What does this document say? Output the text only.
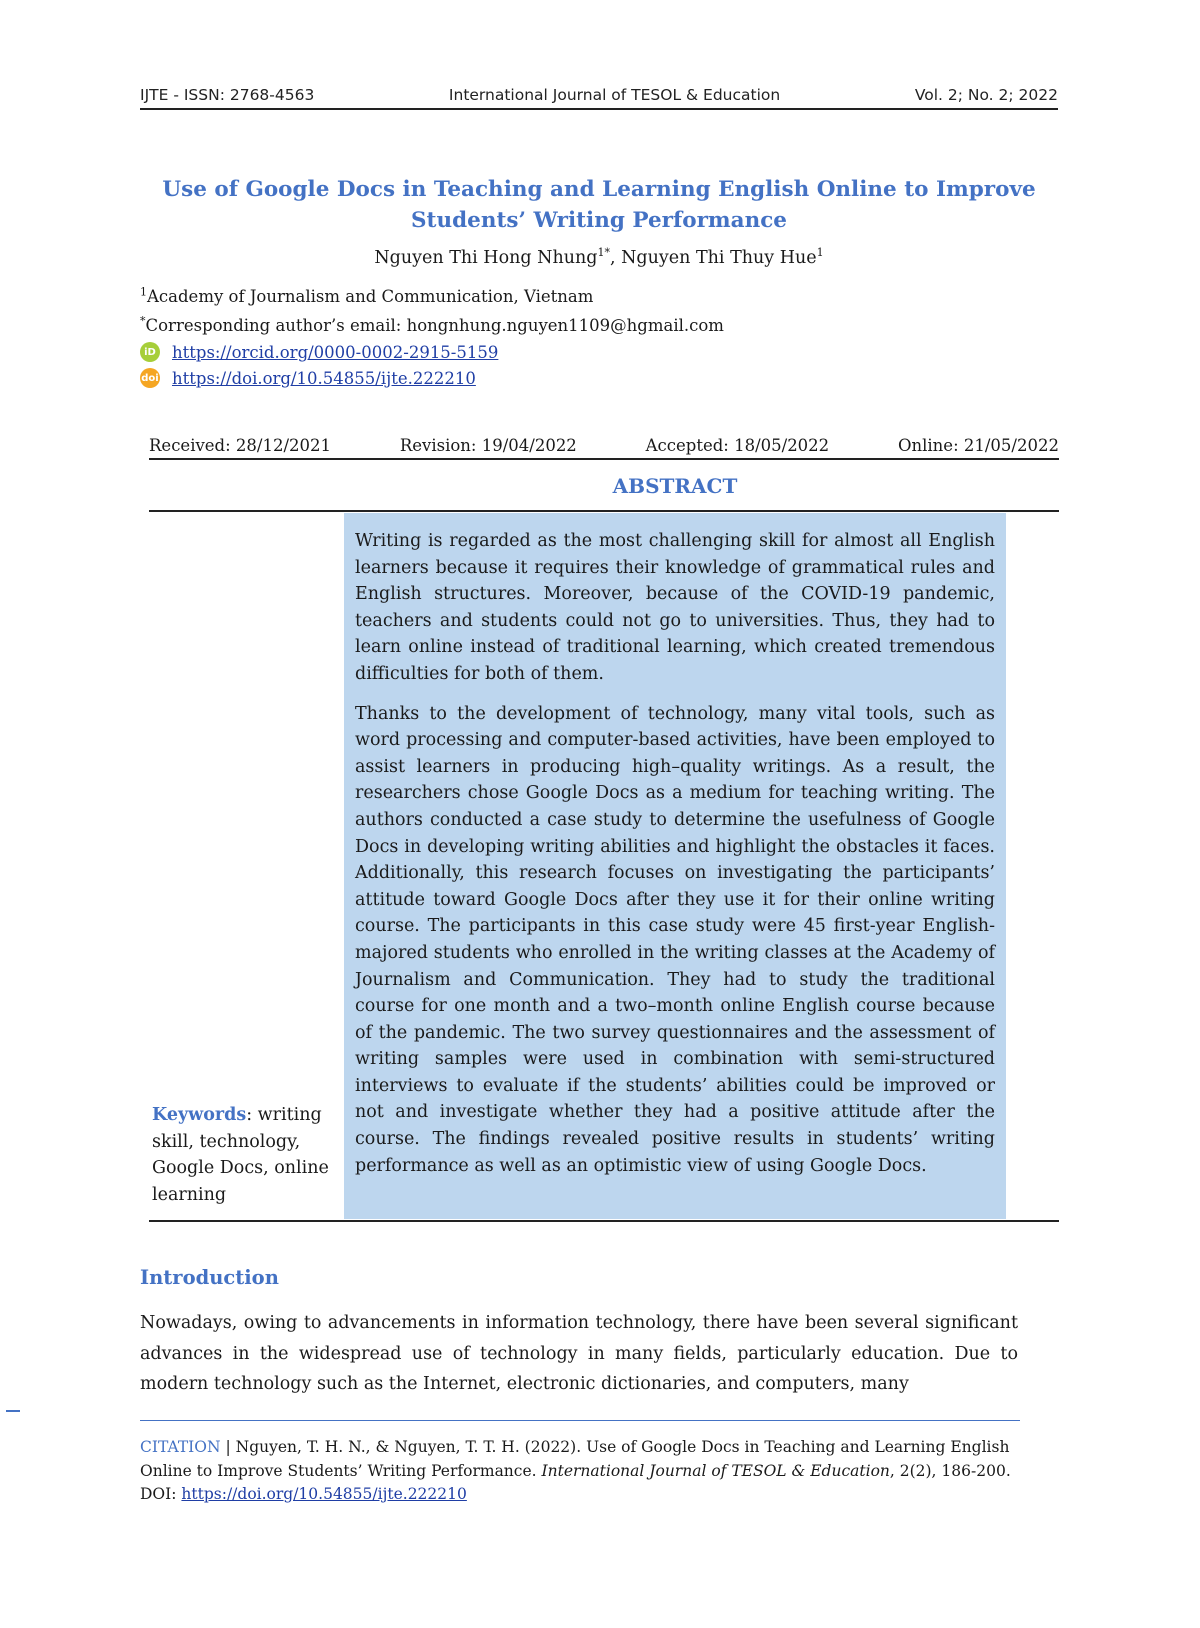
IJTE - ISSN: 2768-4563	International Journal of TESOL & Education	Vol. 2; No. 2; 2022
Use of Google Docs in Teaching and Learning English Online to Improve
Students’ Writing Performance
Nguyen Thi Hong Nhung$^{1*}$, Nguyen Thi Thuy Hue$^1$
$^1$Academy of Journalism and Communication, Vietnam
*Corresponding author’s email: hongnhung.nguyen1109@hgmail.com
iD https://orcid.org/0000-0002-2915-5159
doi https://doi.org/10.54855/ijte.222210
Received: 28/12/2021	Revision: 19/04/2022	Accepted: 18/05/2022	Online: 21/05/2022
ABSTRACT
Keywords: writing skill, technology, Google Docs, online learning

Writing is regarded as the most challenging skill for almost all English learners because it requires their knowledge of grammatical rules and English structures. Moreover, because of the COVID-19 pandemic, teachers and students could not go to universities. Thus, they had to learn online instead of traditional learning, which created tremendous difficulties for both of them.

Thanks to the development of technology, many vital tools, such as word processing and computer-based activities, have been employed to assist learners in producing high–quality writings. As a result, the researchers chose Google Docs as a medium for teaching writing. The authors conducted a case study to determine the usefulness of Google Docs in developing writing abilities and highlight the obstacles it faces. Additionally, this research focuses on investigating the participants’ attitude toward Google Docs after they use it for their online writing course. The participants in this case study were 45 first-year English-majored students who enrolled in the writing classes at the Academy of Journalism and Communication. They had to study the traditional course for one month and a two–month online English course because of the pandemic. The two survey questionnaires and the assessment of writing samples were used in combination with semi-structured interviews to evaluate if the students’ abilities could be improved or not and investigate whether they had a positive attitude after the course. The findings revealed positive results in students’ writing performance as well as an optimistic view of using Google Docs.

Introduction

Nowadays, owing to advancements in information technology, there have been several significant advances in the widespread use of technology in many fields, particularly education. Due to modern technology such as the Internet, electronic dictionaries, and computers, many

CITATION | Nguyen, T. H. N., & Nguyen, T. T. H. (2022). Use of Google Docs in Teaching and Learning English Online to Improve Students’ Writing Performance. International Journal of TESOL & Education, 2(2), 186-200.
DOI: https://doi.org/10.54855/ijte.222210
